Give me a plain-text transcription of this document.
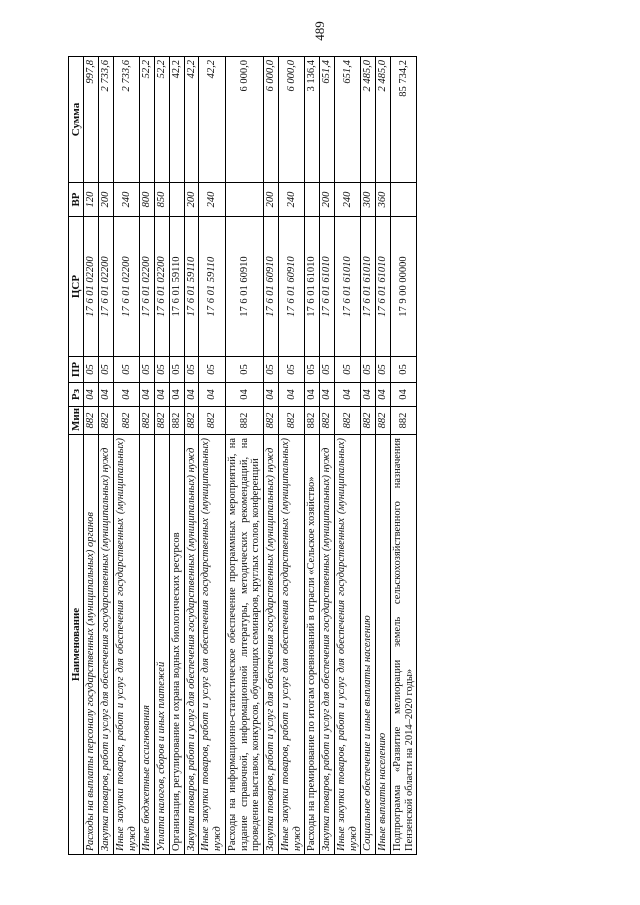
489
Наименование	Мин	Рз	ПР	ЦСР	ВР	Сумма
Расходы на выплаты персоналу государственных (муниципальных) органов	882	04	05	17 6 01 02200	120	997,8
Закупка товаров, работ и услуг для обеспечения государственных (муниципальных) нужд	882	04	05	17 6 01 02200	200	2 733,6
Иные закупки товаров, работ и услуг для обеспечения государственных (муниципальных) нужд	882	04	05	17 6 01 02200	240	2 733,6
Иные бюджетные ассигнования	882	04	05	17 6 01 02200	800	52,2
Уплата налогов, сборов и иных платежей	882	04	05	17 6 01 02200	850	52,2
Организация, регулирование и охрана водных биологических ресурсов	882	04	05	17 6 01 59110		42,2
Закупка товаров, работ и услуг для обеспечения государственных (муниципальных) нужд	882	04	05	17 6 01 59110	200	42,2
Иные закупки товаров, работ и услуг для обеспечения государственных (муниципальных) нужд	882	04	05	17 6 01 59110	240	42,2
Расходы на информационно-статистическое обеспечение программных мероприятий, на издание справочной, информационной литературы, методических рекомендаций, на проведение выставок, конкурсов, обучающих семинаров, круглых столов, конференций	882	04	05	17 6 01 60910		6 000,0
Закупка товаров, работ и услуг для обеспечения государственных (муниципальных) нужд	882	04	05	17 6 01 60910	200	6 000,0
Иные закупки товаров, работ и услуг для обеспечения государственных (муниципальных) нужд	882	04	05	17 6 01 60910	240	6 000,0
Расходы на премирование по итогам соревнований в отрасли «Сельское хозяйство»	882	04	05	17 6 01 61010		3 136,4
Закупка товаров, работ и услуг для обеспечения государственных (муниципальных) нужд	882	04	05	17 6 01 61010	200	651,4
Иные закупки товаров, работ и услуг для обеспечения государственных (муниципальных) нужд	882	04	05	17 6 01 61010	240	651,4
Социальное обеспечение и иные выплаты населению	882	04	05	17 6 01 61010	300	2 485,0
Иные выплаты населению	882	04	05	17 6 01 61010	360	2 485,0
Подпрограмма «Развитие мелиорации земель сельскохозяйственного назначения Пензенской области на 2014–2020 годы»	882	04	05	17 9 00 00000		85 734,2
